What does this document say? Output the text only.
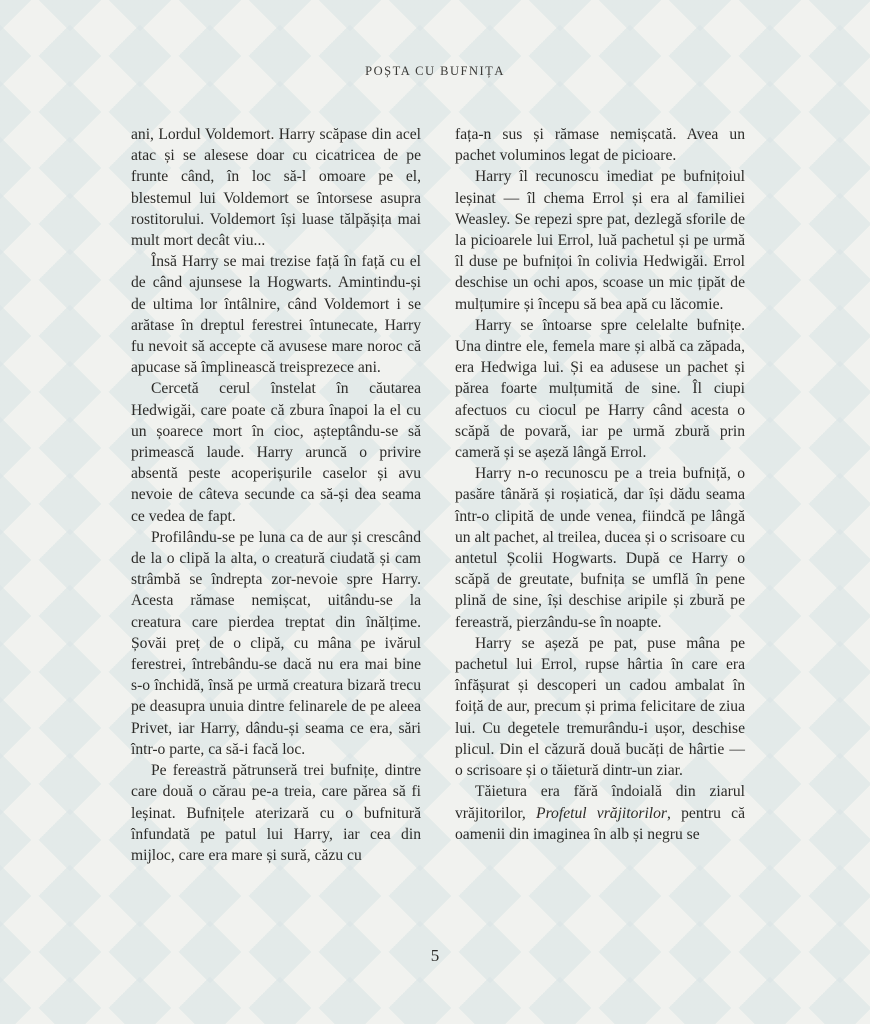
POȘTA CU BUFNIȚA

ani, Lordul Voldemort. Harry scăpase din acel atac și se alesese doar cu cicatricea de pe frunte când, în loc să-l omoare pe el, blestemul lui Voldemort se întorsese asupra rostitorului. Voldemort își luase tălpășița mai mult mort decât viu...

Însă Harry se mai trezise față în față cu el de când ajunsese la Hogwarts. Amintindu-și de ultima lor întâlnire, când Voldemort i se arătase în dreptul ferestrei întunecate, Harry fu nevoit să accepte că avusese mare noroc că apucase să împlinească treisprezece ani.

Cercetă cerul înstelat în căutarea Hedwigăi, care poate că zbura înapoi la el cu un șoarece mort în cioc, așteptându-se să primească laude. Harry aruncă o privire absentă peste acoperișurile caselor și avu nevoie de câteva secunde ca să-și dea seama ce vedea de fapt.

Profilându-se pe luna ca de aur și crescând de la o clipă la alta, o creatură ciudată și cam strâmbă se îndrepta zor-nevoie spre Harry. Acesta rămase nemișcat, uitându-se la creatura care pierdea treptat din înălțime. Șovăi preț de o clipă, cu mâna pe ivărul ferestrei, întrebându-se dacă nu era mai bine s-o închidă, însă pe urmă creatura bizară trecu pe deasupra unuia dintre felinarele de pe aleea Privet, iar Harry, dându-și seama ce era, sări într-o parte, ca să-i facă loc.

Pe fereastră pătrunseră trei bufnițe, dintre care două o cărau pe-a treia, care părea să fi leșinat. Bufnițele aterizară cu o bufnitură înfundată pe patul lui Harry, iar cea din mijloc, care era mare și sură, căzu cu

fața-n sus și rămase nemișcată. Avea un pachet voluminos legat de picioare.

Harry îl recunoscu imediat pe bufnițoiul leșinat — îl chema Errol și era al familiei Weasley. Se repezi spre pat, dezlegă sforile de la picioarele lui Errol, luă pachetul și pe urmă îl duse pe bufnițoi în colivia Hedwigăi. Errol deschise un ochi apos, scoase un mic țipăt de mulțumire și începu să bea apă cu lăcomie.

Harry se întoarse spre celelalte bufnițe. Una dintre ele, femela mare și albă ca zăpada, era Hedwiga lui. Și ea adusese un pachet și părea foarte mulțumită de sine. Îl ciupi afectuos cu ciocul pe Harry când acesta o scăpă de povară, iar pe urmă zbură prin cameră și se așeză lângă Errol.

Harry n-o recunoscu pe a treia bufniță, o pasăre tânără și roșiatică, dar își dădu seama într-o clipită de unde venea, fiindcă pe lângă un alt pachet, al treilea, ducea și o scrisoare cu antetul Școlii Hogwarts. După ce Harry o scăpă de greutate, bufnița se umflă în pene plină de sine, își deschise aripile și zbură pe fereastră, pierzându-se în noapte.

Harry se așeză pe pat, puse mâna pe pachetul lui Errol, rupse hârtia în care era înfășurat și descoperi un cadou ambalat în foiță de aur, precum și prima felicitare de ziua lui. Cu degetele tremurându-i ușor, deschise plicul. Din el căzură două bucăți de hârtie — o scrisoare și o tăietură dintr-un ziar.

Tăietura era fără îndoială din ziarul vrăjitorilor, Profetul vrăjitorilor, pentru că oamenii din imaginea în alb și negru se

5
